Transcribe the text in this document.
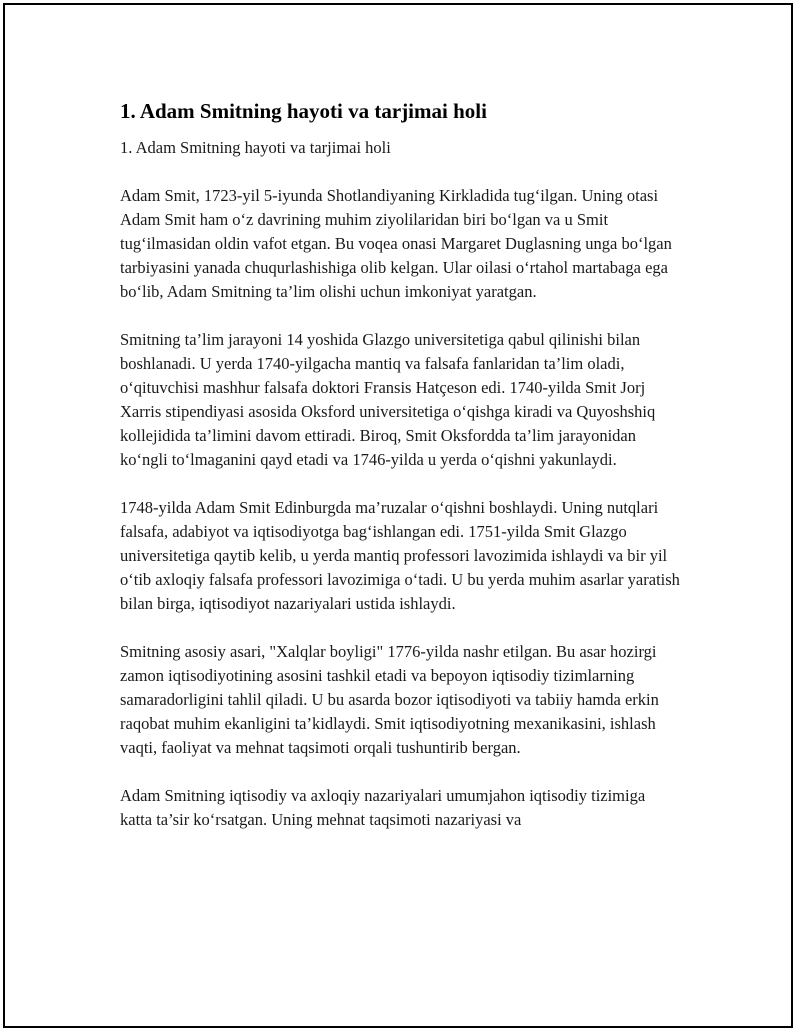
1. Adam Smitning hayoti va tarjimai holi
1. Adam Smitning hayoti va tarjimai holi

Adam Smit, 1723-yil 5-iyunda Shotlandiyaning Kirkladida tug‘ilgan. Uning otasi Adam Smit ham o‘z davrining muhim ziyolilaridan biri bo‘lgan va u Smit tug‘ilmasidan oldin vafot etgan. Bu voqea onasi Margaret Duglasning unga bo‘lgan tarbiyasini yanada chuqurlashishiga olib kelgan. Ular oilasi o‘rtahol martabaga ega bo‘lib, Adam Smitning ta’lim olishi uchun imkoniyat yaratgan.

Smitning ta’lim jarayoni 14 yoshida Glazgo universitetiga qabul qilinishi bilan boshlanadi. U yerda 1740-yilgacha mantiq va falsafa fanlaridan ta’lim oladi, o‘qituvchisi mashhur falsafa doktori Fransis Hatçeson edi. 1740-yilda Smit Jorj Xarris stipendiyasi asosida Oksford universitetiga o‘qishga kiradi va Quyoshshiq kollejidida ta’limini davom ettiradi. Biroq, Smit Oksfordda ta’lim jarayonidan ko‘ngli to‘lmaganini qayd etadi va 1746-yilda u yerda o‘qishni yakunlaydi.

1748-yilda Adam Smit Edinburgda ma’ruzalar o‘qishni boshlaydi. Uning nutqlari falsafa, adabiyot va iqtisodiyotga bag‘ishlangan edi. 1751-yilda Smit Glazgo universitetiga qaytib kelib, u yerda mantiq professori lavozimida ishlaydi va bir yil o‘tib axloqiy falsafa professori lavozimiga o‘tadi. U bu yerda muhim asarlar yaratish bilan birga, iqtisodiyot nazariyalari ustida ishlaydi.

Smitning asosiy asari, "Xalqlar boyligi" 1776-yilda nashr etilgan. Bu asar hozirgi zamon iqtisodiyotining asosini tashkil etadi va bepoyon iqtisodiy tizimlarning samaradorligini tahlil qiladi. U bu asarda bozor iqtisodiyoti va tabiiy hamda erkin raqobat muhim ekanligini ta’kidlaydi. Smit iqtisodiyotning mexanikasini, ishlash vaqti, faoliyat va mehnat taqsimoti orqali tushuntirib bergan.

Adam Smitning iqtisodiy va axloqiy nazariyalari umumjahon iqtisodiy tizimiga katta ta’sir ko‘rsatgan. Uning mehnat taqsimoti nazariyasi va
